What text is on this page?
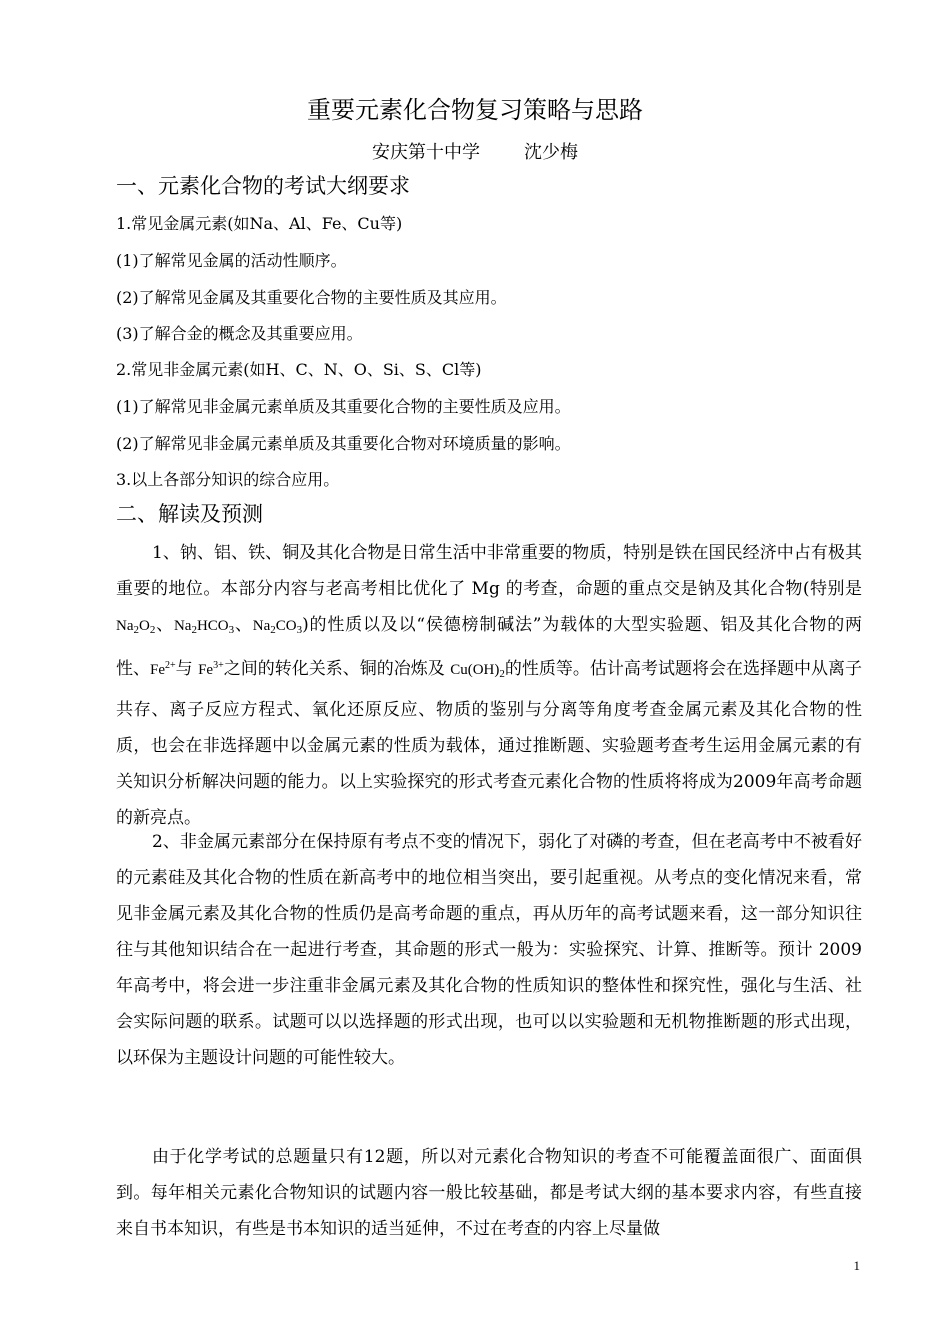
重要元素化合物复习策略与思路
安庆第十中学 沈少梅
一、元素化合物的考试大纲要求
1.常见金属元素(如Na、Al、Fe、Cu等)
(1)了解常见金属的活动性顺序。
(2)了解常见金属及其重要化合物的主要性质及其应用。
(3)了解合金的概念及其重要应用。
2.常见非金属元素(如H、C、N、O、Si、S、Cl等)
(1)了解常见非金属元素单质及其重要化合物的主要性质及应用。
(2)了解常见非金属元素单质及其重要化合物对环境质量的影响。
3.以上各部分知识的综合应用。
二、解读及预测
1、钠、铝、铁、铜及其化合物是日常生活中非常重要的物质，特别是铁在国民经济中占有极其重要的地位。本部分内容与老高考相比优化了 Mg 的考查，命题的重点交是钠及其化合物(特别是 $Na_2O_2$、$Na_2HCO_3$、$Na_2CO_3$)的性质以及以“侯德榜制碱法”为载体的大型实验题、铝及其化合物的两性、$Fe^{2+}$与 $Fe^{3+}$之间的转化关系、铜的冶炼及 $Cu(OH)_2$的性质等。估计高考试题将会在选择题中从离子共存、离子反应方程式、氧化还原反应、物质的鉴别与分离等角度考查金属元素及其化合物的性质，也会在非选择题中以金属元素的性质为载体，通过推断题、实验题考查考生运用金属元素的有关知识分析解决问题的能力。以上实验探究的形式考查元素化合物的性质将将成为2009年高考命题的新亮点。
2、非金属元素部分在保持原有考点不变的情况下，弱化了对磷的考查，但在老高考中不被看好的元素硅及其化合物的性质在新高考中的地位相当突出，要引起重视。从考点的变化情况来看，常见非金属元素及其化合物的性质仍是高考命题的重点，再从历年的高考试题来看，这一部分知识往往与其他知识结合在一起进行考查，其命题的形式一般为：实验探究、计算、推断等。预计 2009 年高考中，将会进一步注重非金属元素及其化合物的性质知识的整体性和探究性，强化与生活、社会实际问题的联系。试题可以以选择题的形式出现，也可以以实验题和无机物推断题的形式出现，以环保为主题设计问题的可能性较大。
由于化学考试的总题量只有12题，所以对元素化合物知识的考查不可能覆盖面很广、面面俱到。每年相关元素化合物知识的试题内容一般比较基础，都是考试大纲的基本要求内容，有些直接来自书本知识，有些是书本知识的适当延伸，不过在考查的内容上尽量做
1
